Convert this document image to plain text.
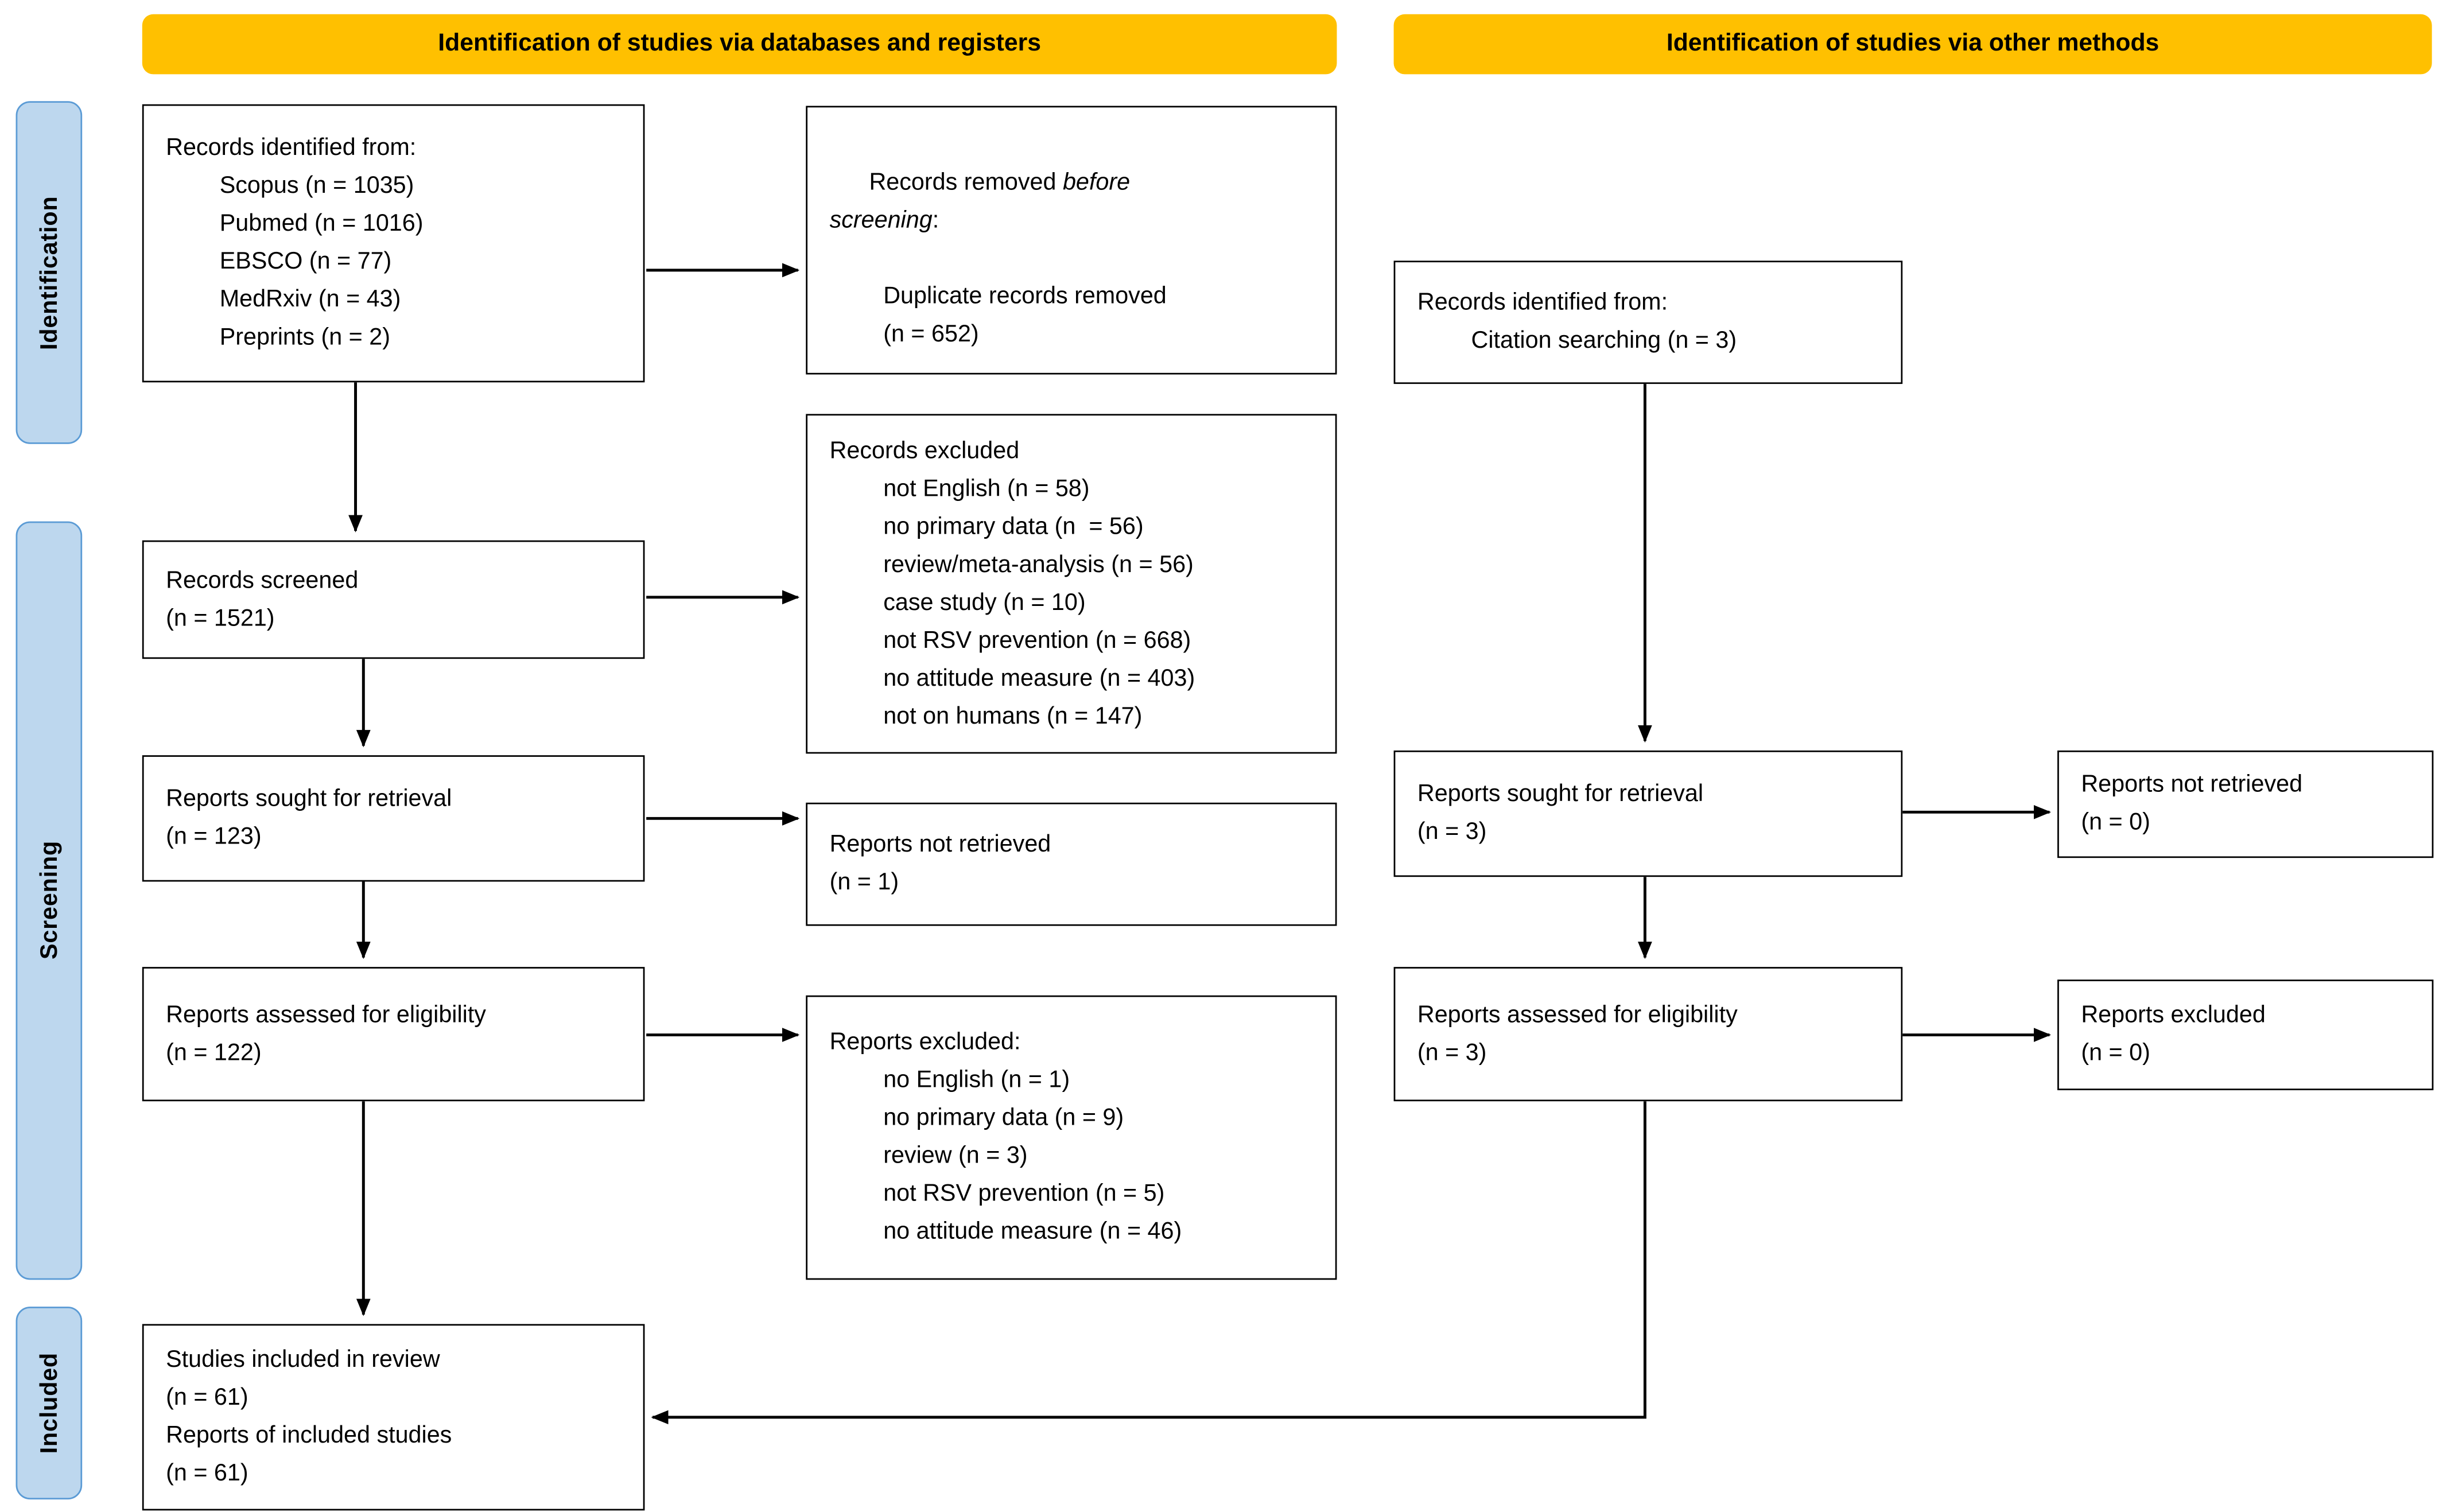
Identification of studies via databases and registers	Identification of studies via other methods
Identification
Screening
Included
Records identified from:
Scopus (n = 1035)
Pubmed (n = 1016)
EBSCO (n = 77)
MedRxiv (n = 43)
Preprints (n = 2)
Records screened
(n = 1521)
Reports sought for retrieval
(n = 123)
Reports assessed for eligibility
(n = 122)
Studies included in review
(n = 61)
Reports of included studies
(n = 61)

Records removed before screening:

Duplicate records removed  (n = 652)
Records excluded
not English (n = 58)
no primary data (n  = 56)
review/meta-analysis (n = 56)
case study (n = 10)
not RSV prevention (n = 668)
no attitude measure (n = 403)
not on humans (n = 147)
Reports not retrieved
(n = 1)
Reports excluded:
no English (n = 1)
no primary data (n = 9)
review (n = 3)
not RSV prevention (n = 5)
no attitude measure (n = 46)
Records identified from:
Citation searching (n = 3)
Reports sought for retrieval
(n = 3)
Reports assessed for eligibility
(n = 3)
Reports not retrieved
(n = 0)
Reports excluded
(n = 0)
